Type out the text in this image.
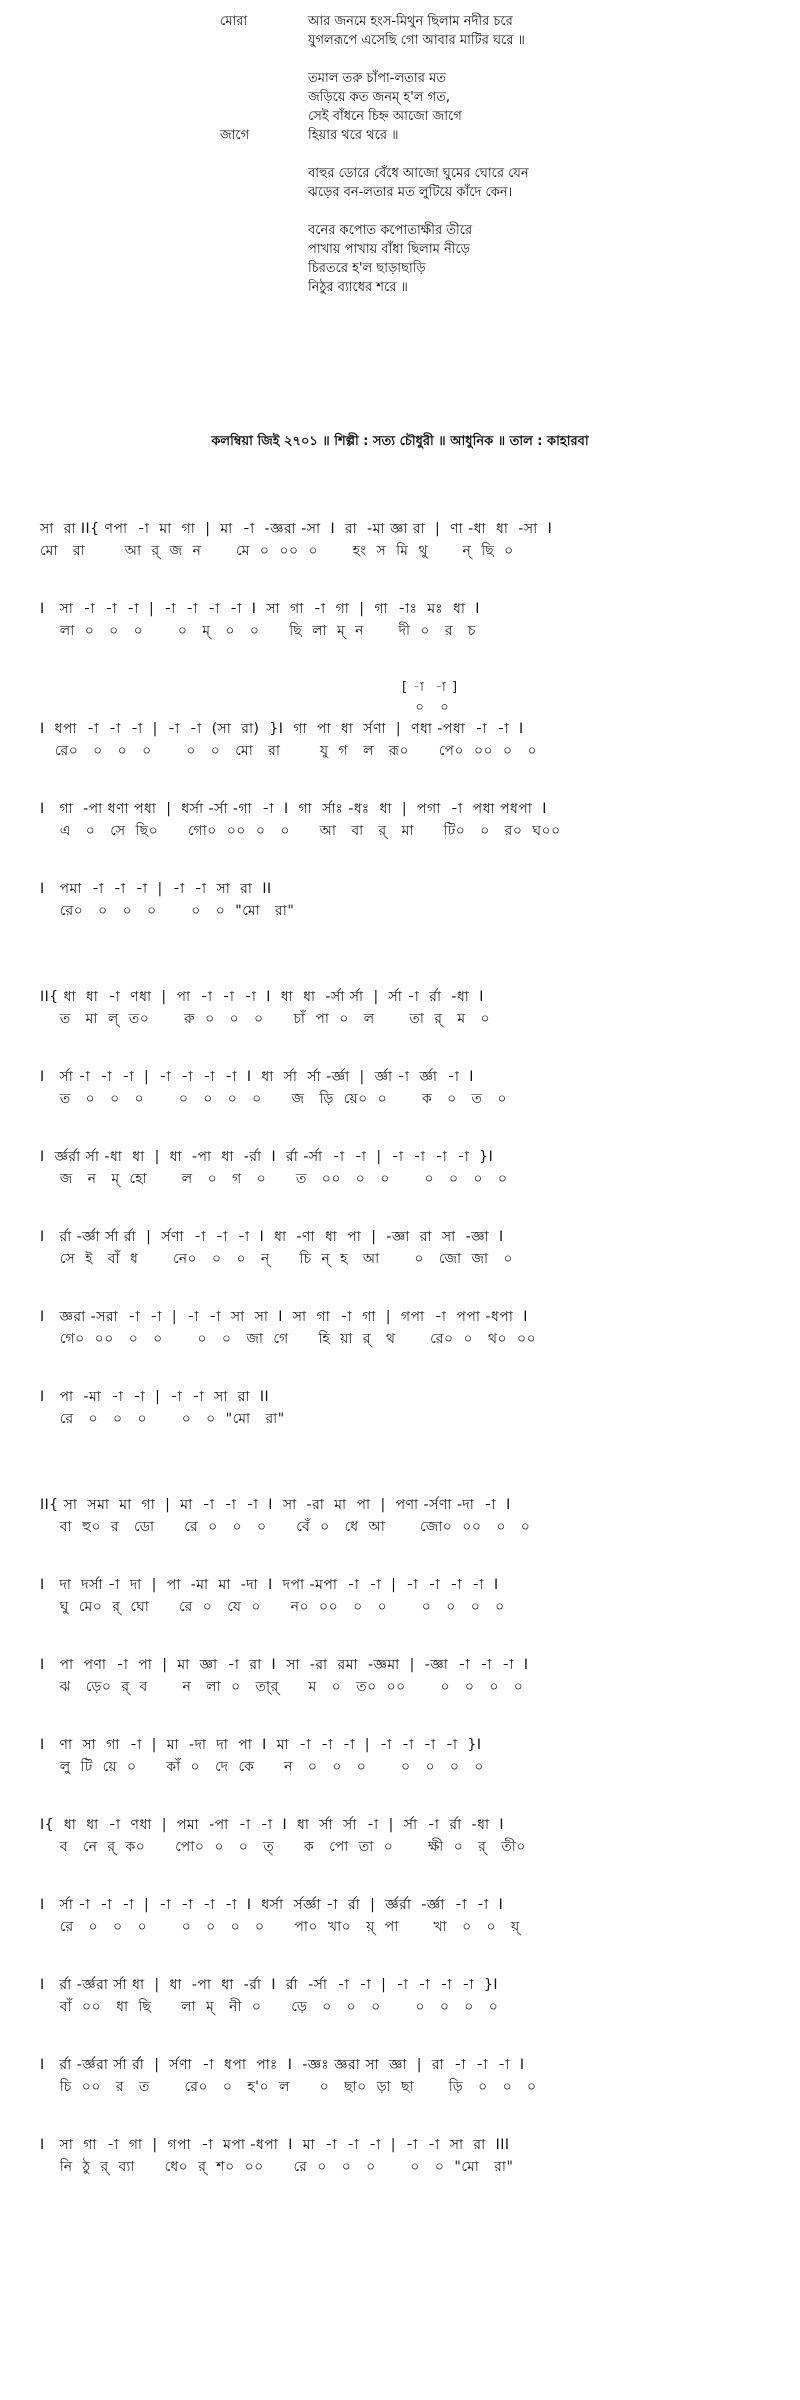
মোরা	আর জনমে হংস-মিথুন ছিলাম নদীর চরে
যুগলরূপে এসেছি গো আবার মাটির ঘরে ॥
তমাল তরু চাঁপা-লতার মত
জড়িয়ে কত জনম্‌ হ'ল গত,
সেই বাঁধনে চিহ্ন আজো জাগে
জাগে	হিয়ার থরে থরে ॥
বাহুর ডোরে বেঁধে আজো ঘুমের ঘোরে যেন
ঝড়ের বন-লতার মত লুটিয়ে কাঁদে কেন।
বনের কপোত কপোতাক্ষীর তীরে
পাখায় পাখায় বাঁধা ছিলাম নীড়ে
চিরতরে হ'ল ছাড়াছাড়ি
নিঠুর ব্যাধের শরে ॥
কলম্বিয়া জিই ২৭০১ ॥ শিল্পী : সত্য চৌধুরী ॥ আধুনিক ॥ তাল : কাহারবা
সা  রা II{ ণপা  -া  মা  গা  |  মা  -া  -জ্ঞরা -সা  I  রা  -মা জ্ঞা রা  |  ণা -ধা  ধা  -সা  I
মো   রা        আ  র্  জ  ন       মে  ০  ০০  ০       হং  স  মি  থু       ন্  ছি  ০
I   সা  -া  -া  -া  |  -া  -া  -া  -া  I  সা  গা  -া  গা  |  গা  -াঃ  মঃ  ধা  I
লা  ০   ০   ০       ০   ম্   ০   ০      ছি  লা  ম্  ন       দী  ০   র   চ
[ -া  -া ]
০   ০
I  ধপা  -া  -া  -া  |  -া  -া  (সা  রা)  }I  গা  পা  ধা  র্সণা  |  ণধা -পধা  -া  -া  I
রে০   ০   ০   ০       ০   ০   মো   রা        যু  গ   ল   রূ০      পে০  ০০  ০   ০
I   গা  -পা ধণা পধা  |  ধর্সা -র্সা -গা  -া  I  গা  র্সাঃ -ধঃ  ধা  |  পগা  -া  পধা পধপা  I
এ   ০   সে  ছি০      গো০  ০০  ০   ০      আ   বা   র্   মা      টি০   ০   র০  ঘ০০
I   পমা  -া  -া  -া  |  -া  -া  সা  রা  II
রে০   ০   ০   ০       ০   ০  "মো   রা"
II{ ধা  ধা  -া  ণধা  |  পা  -া  -া  -া  I  ধা  ধা  -র্সা র্সা  |  র্সা -া  র্রা  -ধা  I
ত   মা  ল্  ত০       রু  ০   ০   ০      চাঁ  পা  ০   ল       তা  র্   ম   ০
I   র্সা -া  -া  -া  |  -া  -া  -া  -া  I  ধা  র্সা  র্সা -র্জ্ঞা  |  র্জ্ঞা -া  র্জ্ঞা  -া  I
ত   ০   ০   ০       ০   ০   ০   ০      জ   ড়ি  য়ে০  ০       ক   ০   ত   ০
I  র্জ্ঞর্রা র্সা -ধা  ধা  |  ধা  -পা  ধা  -র্রা  I  র্রা -র্সা  -া  -া  |  -া  -া  -া  -া  }I
জ   ন   ম্  হো       ল   ০   গ   ০      ত   ০০   ০   ০       ০   ০   ০   ০
I   র্রা -র্জ্ঞা র্সা র্রা  |  র্সণা  -া  -া  -া  I  ধা  -ণা  ধা  পা  |  -জ্ঞা  রা  সা  -জ্ঞা  I
সে  ই   বাঁ  ধ       নে০   ০   ০   ন্      চি  ন্  হ   আ       ০   জো  জা   ০
I   জ্ঞরা -সরা  -া  -া  |  -া  -া  সা  সা  I  সা  গা  -া  গা  |  গপা  -া  পপা -ধপা  I
গে০  ০০   ০   ০       ০   ০   জা  গে      হি  য়া  র্   থ       রে০  ০   থ০  ০০
I   পা  -মা  -া  -া  |  -া  -া  সা  রা  II
রে   ০   ০   ০       ০   ০  "মো   রা"
II{ সা  সমা  মা  গা  |  মা  -া  -া  -া  I  সা  -রা  মা  পা  |  পণা -র্সণা -দা  -া  I
বা  হু০  র   ডো      রে  ০   ০   ০      বেঁ  ০   ধে  আ       জো০  ০০   ০   ০
I   দা  দর্সা -া  দা  |  পা  -মা  মা  -দা  I  দপা -মপা  -া  -া  |  -া  -া  -া  -া  I
ঘু  মে০  র্  ঘো      রে  ০   যে  ০      ন০  ০০   ০   ০       ০   ০   ০   ০
I   পা  পণা  -া  পা  |  মা  জ্ঞা  -া  রা  I  সা  -রা  রমা  -জ্ঞমা  |  -জ্ঞা  -া  -া  -া  I
ঝ   ড়ে০  র্  ব       ন   লা  ০   তা্‌র্      ম   ০   ত০  ০০       ০   ০   ০   ০
I   ণা  সা  গা  -া  |  মা  -দা  দা  পা  I  মা  -া  -া  -া  |  -া  -া  -া  -া  }I
লু  টি  য়ে  ০      কাঁ  ০   দে  কে      ন   ০   ০   ০       ০   ০   ০   ০
I{  ধা  ধা  -া  ণধা  |  পমা  -পা  -া  -া  I  ধা  র্সা  র্সা  -া  |  র্সা  -া  র্রা  -ধা  I
ব   নে  র্  ক০      পো০  ০   ০   ত্      ক   পো  তা  ০       ক্ষী  ০   র্   তী০
I   র্সা -া  -া  -া  |  -া  -া  -া  -া  I  ধর্সা  র্সর্জ্ঞা -া  র্রা  |  র্জ্ঞর্রা  -র্জ্ঞা  -া  -া  I
রে   ০   ০   ০       ০   ০   ০   ০      পা০  খা০   য়্  পা       খা   ০   ০   য়্
I   র্রা -র্জ্ঞরা র্সা ধা  |  ধা  -পা  ধা  -র্রা  I  র্রা  -র্সা  -া  -া  |  -া  -া  -া  -া  }I
বাঁ  ০০   ধা  ছি      লা  ম্   নী  ০      ড়ে   ০   ০   ০       ০   ০   ০   ০
I   র্রা -র্জ্ঞরা র্সা র্রা  |  র্সণা  -া  ধপা  পাঃ  I  -জ্ঞঃ জ্ঞরা সা  জ্ঞা  |  রা  -া  -া  -া  I
চি  ০০   র   ত       রে০   ০   হ'০  ল      ০   ছা০  ড়া  ছা       ড়ি   ০   ০   ০
I   সা  গা  -া  গা  |  গপা  -া  মপা -ধপা  I  মা  -া  -া  -া  |  -া  -া  সা  রা  III
নি  ঠু  র্  ব্যা      ধে০  র্  শ০  ০০      রে  ০   ০   ০       ০   ০  "মো   রা"
